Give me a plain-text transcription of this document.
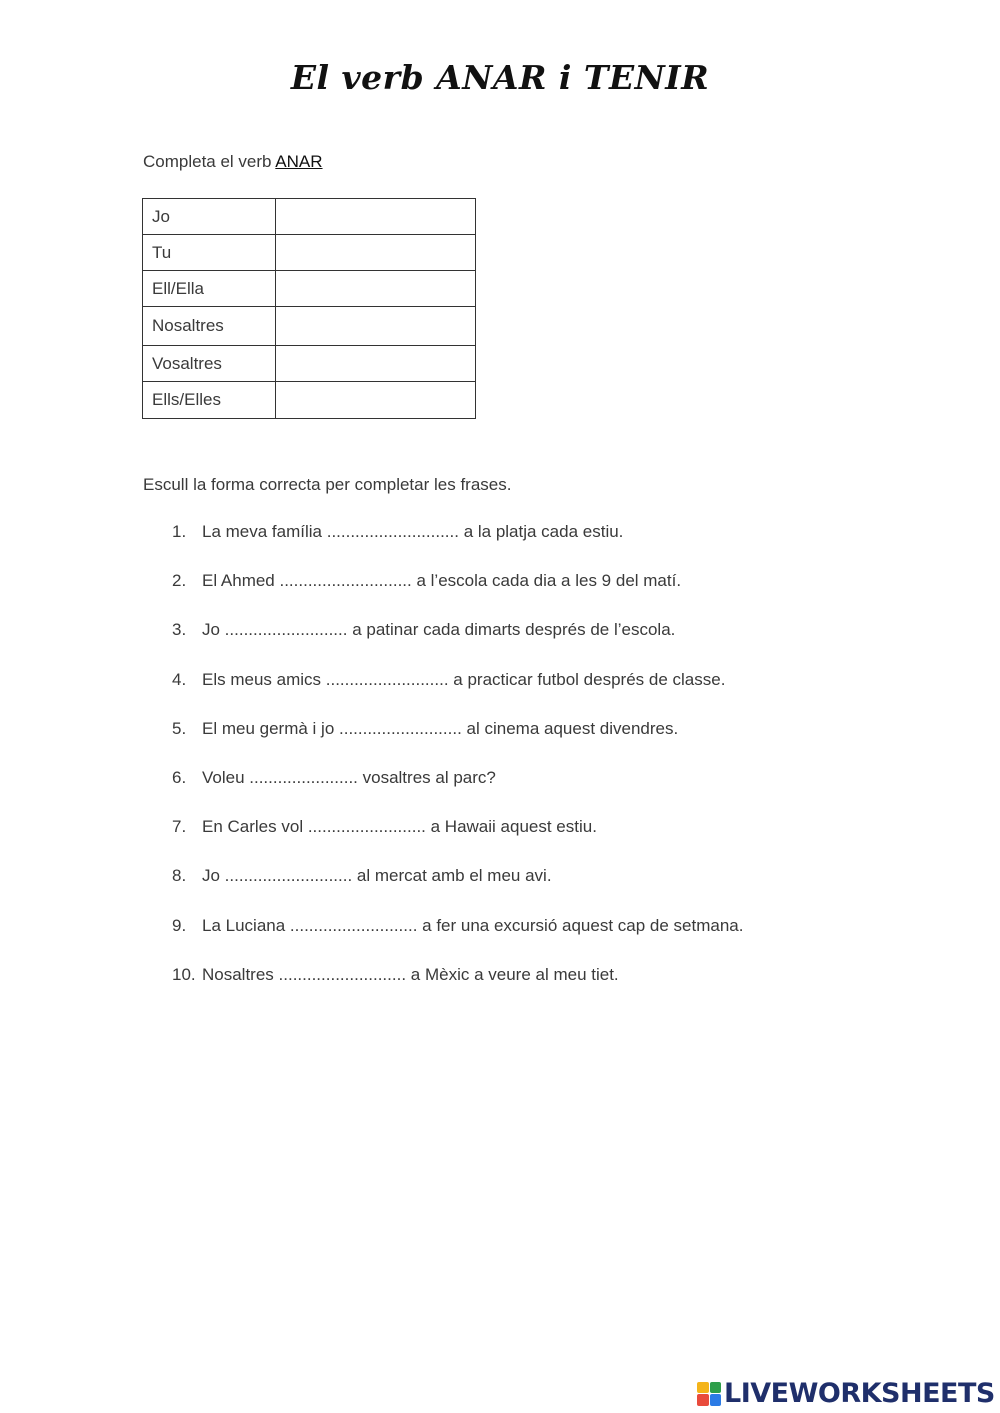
El verb ANAR i TENIR
Completa el verb ANAR
Jo	
Tu	
Ell/Ella	
Nosaltres	
Vosaltres	
Ells/Elles	
Escull la forma correcta per completar les frases.
1. La meva família ............................ a la platja cada estiu.
2. El Ahmed ............................ a l’escola cada dia a les 9 del matí.
3. Jo .......................... a patinar cada dimarts després de l’escola.
4. Els meus amics .......................... a practicar futbol després de classe.
5. El meu germà i jo .......................... al cinema aquest divendres.
6. Voleu ....................... vosaltres al parc?
7. En Carles vol ......................... a Hawaii aquest estiu.
8. Jo ........................... al mercat amb el meu avi.
9. La Luciana ........................... a fer una excursió aquest cap de setmana.
10. Nosaltres ........................... a Mèxic a veure al meu tiet.
LIVEWORKSHEETS
